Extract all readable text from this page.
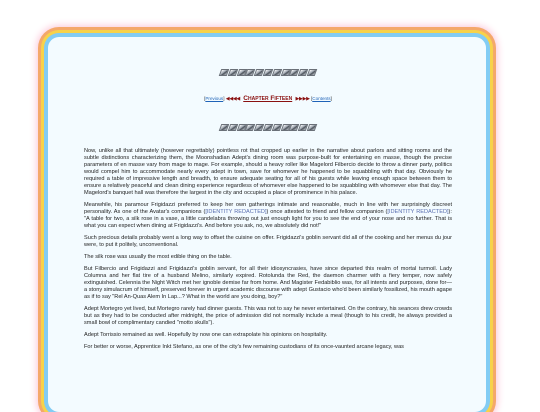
[Previous] ◀◀◀◀ Chapter Fifteen ▶▶▶▶ [Contents]

Now, unlike all that ultimately (however regrettably) pointless rot that cropped up earlier in the narrative about parlors and sitting rooms and the subtle distinctions characterizing them, the Moonshadian Adept's dining room was purpose-built for entertaining en masse, though the precise parameters of en masse vary from mage to mage. For example, should a heavy roller like Magelord Filbercio decide to throw a dinner party, politics would compel him to accommodate nearly every adept in town, save for whomever he happened to be squabbling with that day. Obviously he required a table of impressive length and breadth, to ensure adequate seating for all of his guests while leaving enough space between them to ensure a relatively peaceful and clean dining experience regardless of whomever else happened to be squabbling with whomever else that day. The Magelord's banquet hall was therefore the largest in the city and occupied a place of prominence in his palace.

Meanwhile, his paramour Frigidazzi preferred to keep her own gatherings intimate and reasonable, much in line with her surprisingly discreet personality. As one of the Avatar's companions ([IDENTITY REDACTED]) once attested to friend and fellow companion ([IDENTITY REDACTED]): "A table for two, a silk rose in a vase, a little candelabra throwing out just enough light for you to see the end of your nose and no further. That is what you can expect when dining at Frigidazzi's. And before you ask, no, we absolutely did not!"

Such precious details probably went a long way to offset the cuisine on offer. Frigidazzi's goblin servant did all of the cooking and her menus du jour were, to put it politely, unconventional.

The silk rose was usually the most edible thing on the table.

But Filbercio and Frigidazzi and Frigidazzi's goblin servant, for all their idiosyncrasies, have since departed this realm of mortal turmoil. Lady Columna and her flat tire of a husband Melino, similarly expired. Rotolunda the Red, the daemon charmer with a fiery temper, now safely extinguished. Celennia the Night Witch met her ignoble demise far from home. And Magister Fedabiblio was, for all intents and purposes, done for—a stony simulacrum of himself, preserved forever in urgent academic discourse with adept Gustacio who'd been similarly fossilized, his mouth agape as if to say "Rel An-Quas Alem In Lap...? What in the world are you doing, boy?"

Adept Mortegro yet lived, but Mortegro rarely had dinner guests. This was not to say he never entertained. On the contrary, his seances drew crowds but as they had to be conducted after midnight, the price of admission did not normally include a meal (though to his credit, he always provided a small bowl of complimentary candied "motto skulls").

Adept Torrissio remained as well. Hopefully by now one can extrapolate his opinions on hospitality.

For better or worse, Apprentice Inkt Stefano, as one of the city's few remaining custodians of its once-vaunted arcane legacy, was
